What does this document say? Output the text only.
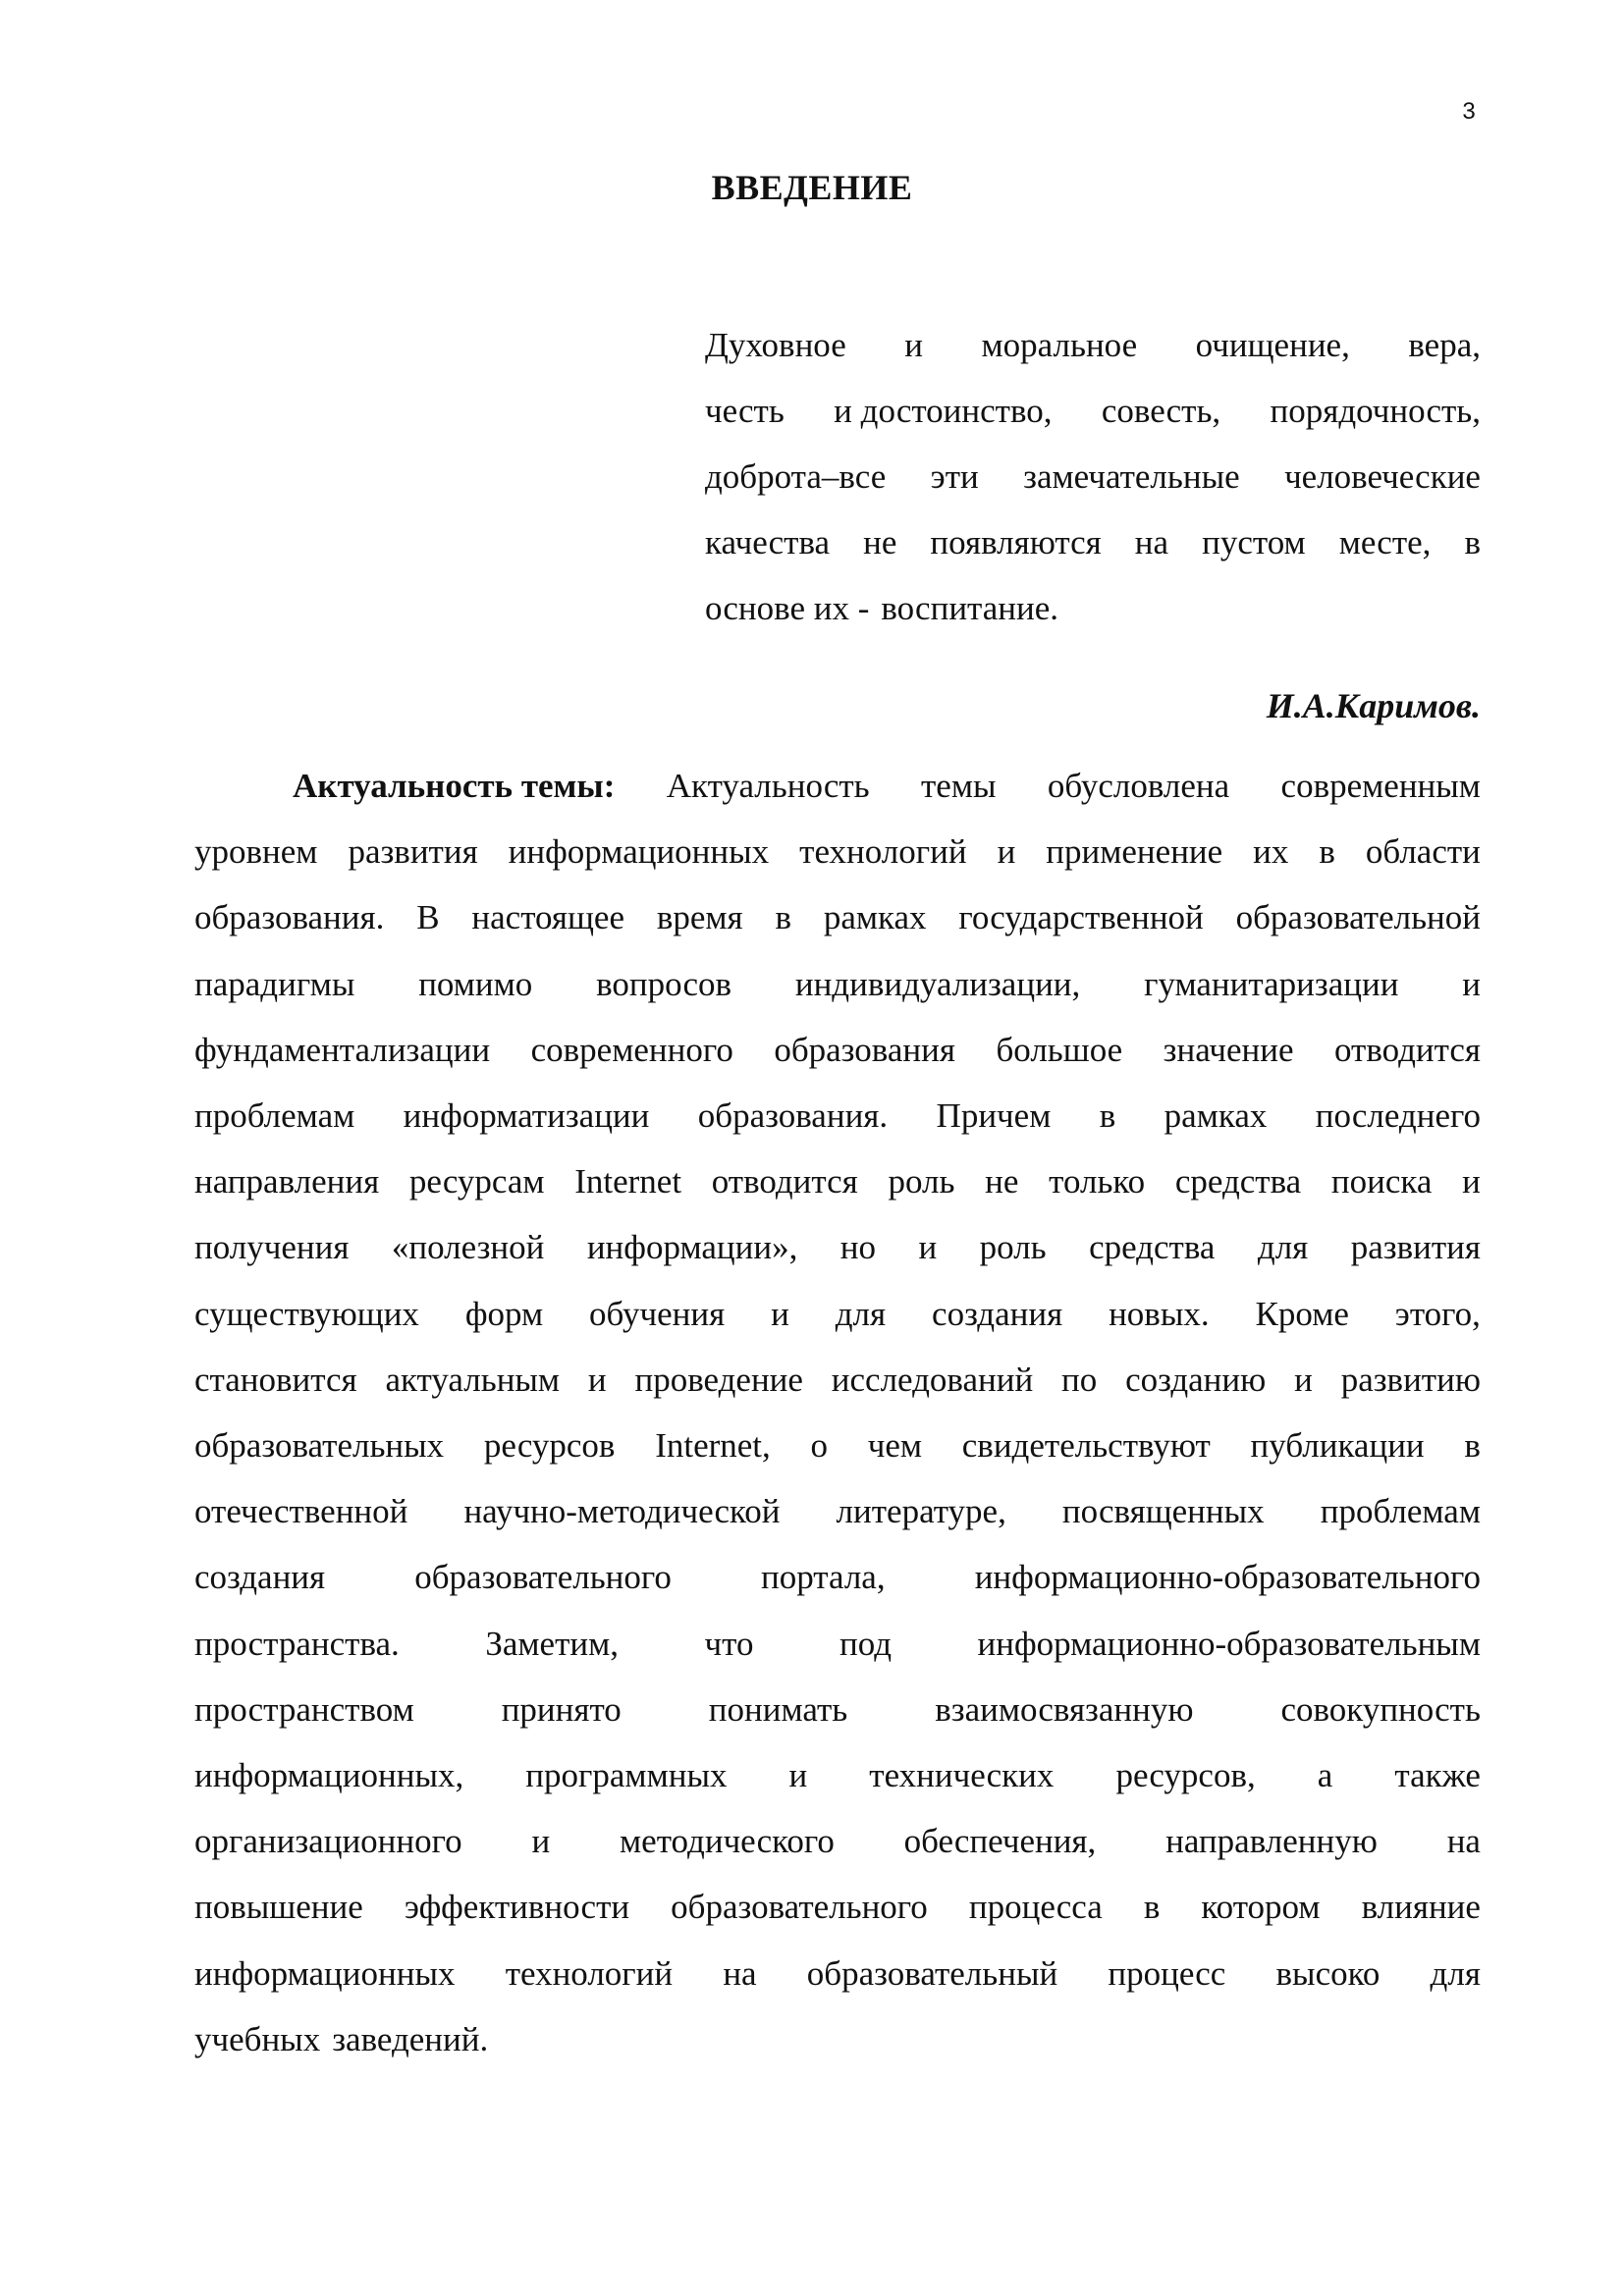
3
ВВЕДЕНИЕ
Духовное и моральное очищение, вера,
честь и достоинство, совесть, порядочность,
доброта–все эти замечательные человеческие
качества не появляются на пустом месте, в
основе их - воспитание.
И.А.Каримов.
Актуальность темы: Актуальность темы обусловлена современным
уровнем развития информационных технологий и применение их в области
образования. В настоящее время в рамках государственной образовательной
парадигмы помимо вопросов индивидуализации, гуманитаризации и
фундаментализации современного образования большое значение отводится
проблемам информатизации образования. Причем в рамках последнего
направления ресурсам Internet отводится роль не только средства поиска и
получения «полезной информации», но и роль средства для развития
существующих форм обучения и для создания новых. Кроме этого,
становится актуальным и проведение исследований по созданию и развитию
образовательных ресурсов Internet, о чем свидетельствуют публикации в
отечественной научно-методической литературе, посвященных проблемам
создания	образовательного	портала,	информационно-образовательного
пространства.	Заметим,	что	под	информационно-образовательным
пространством	принято	понимать	взаимосвязанную	совокупность
информационных, программных и технических ресурсов, а также
организационного и методического обеспечения, направленную на
повышение эффективности образовательного процесса в котором влияние
информационных технологий на образовательный процесс высоко для
учебных заведений.
